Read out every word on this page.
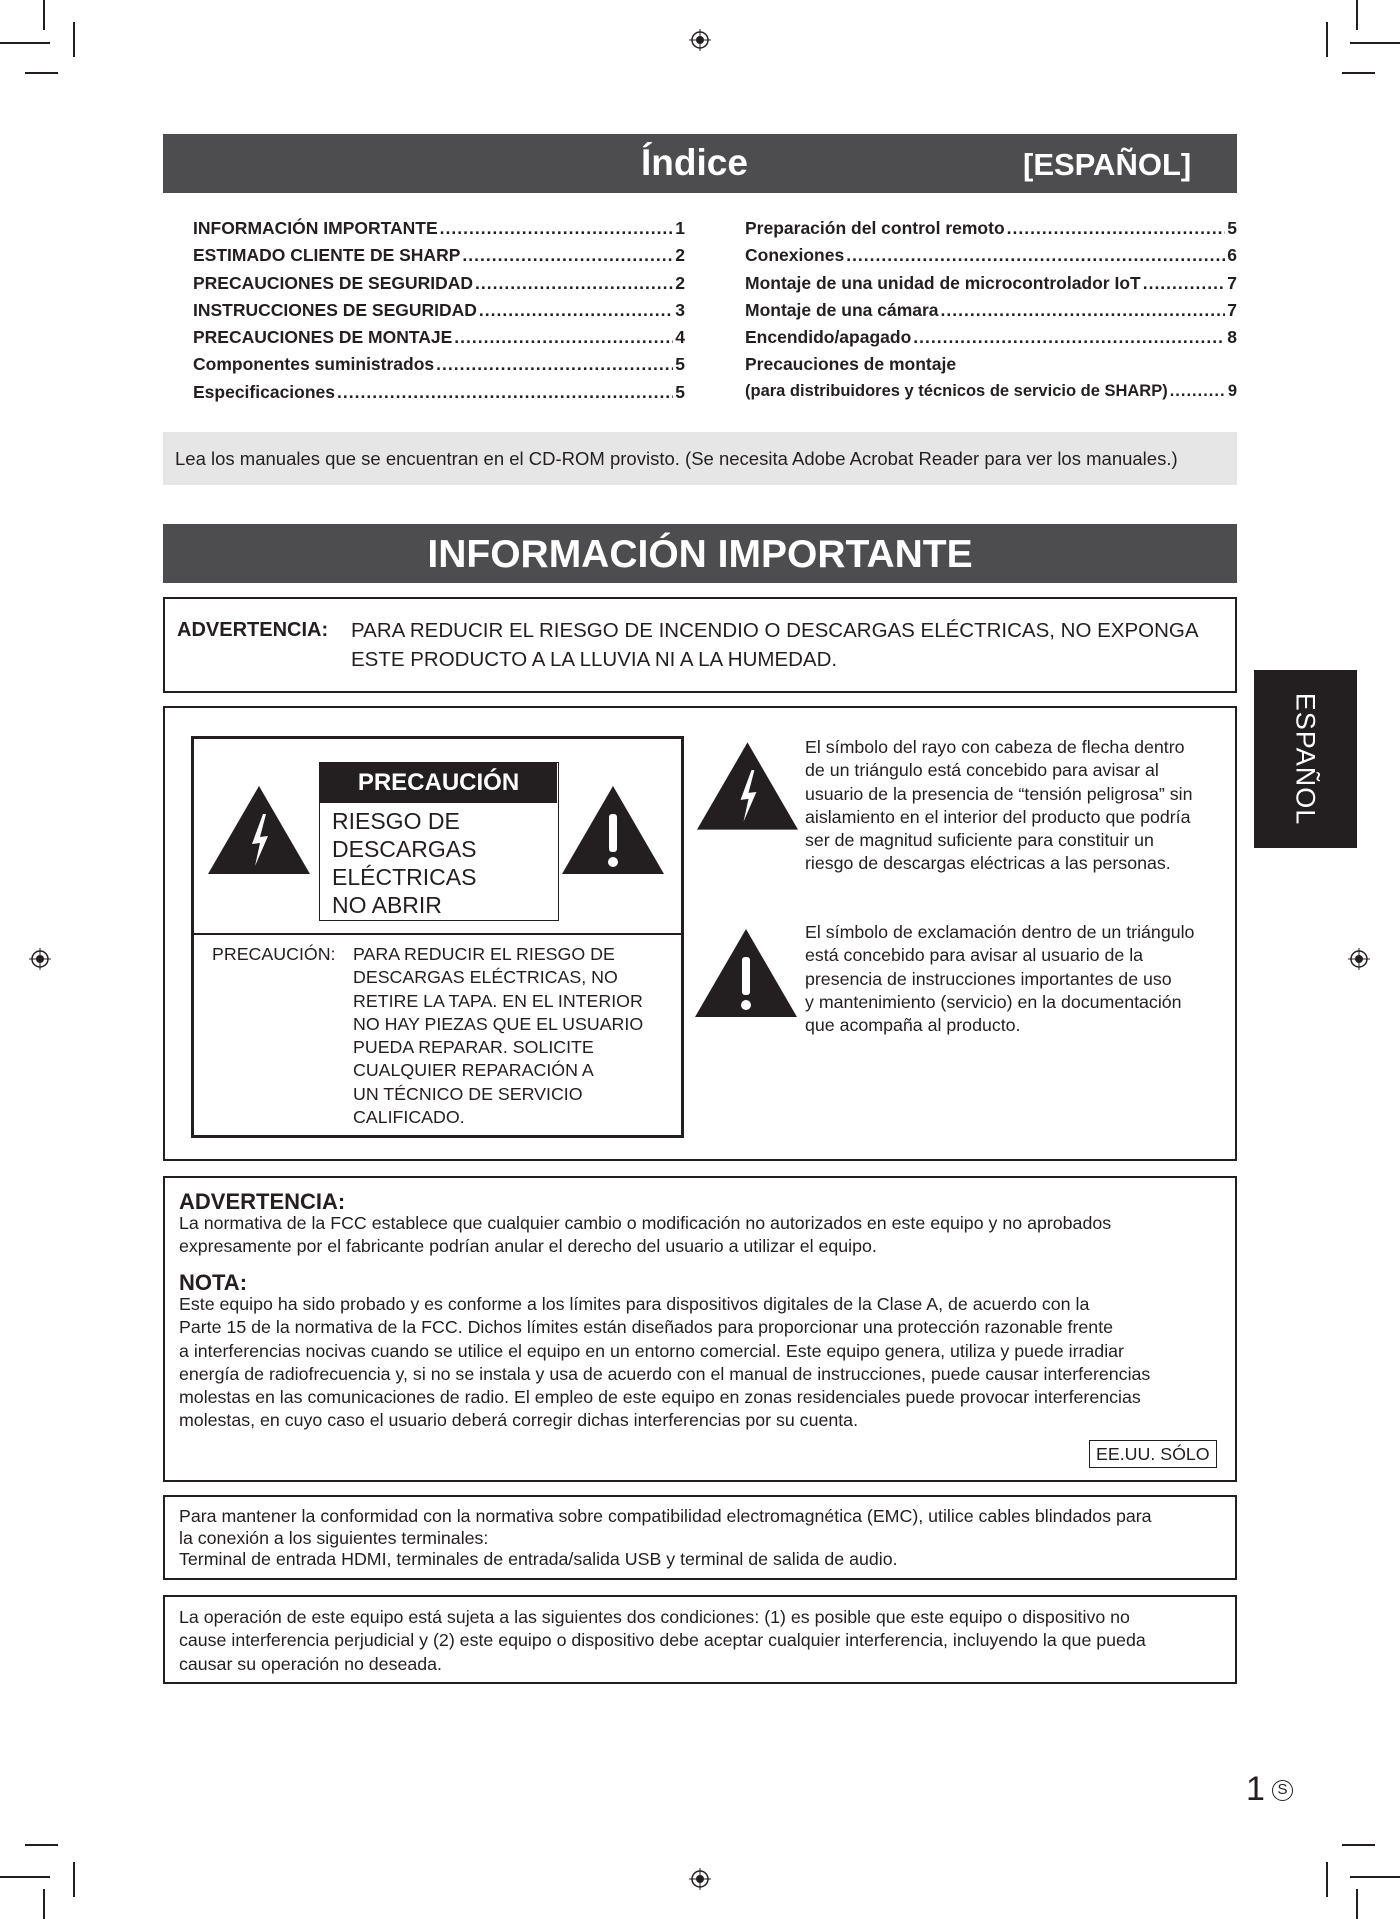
Índice	[ESPAÑOL]
INFORMACIÓN IMPORTANTE .....	1
ESTIMADO CLIENTE DE SHARP .....	2
PRECAUCIONES DE SEGURIDAD .....	2
INSTRUCCIONES DE SEGURIDAD .....	3
PRECAUCIONES DE MONTAJE .....	4
Componentes suministrados .....	5
Especificaciones .....	5
Preparación del control remoto .....	5
Conexiones .....	6
Montaje de una unidad de microcontrolador IoT .....	7
Montaje de una cámara .....	7
Encendido/apagado .....	8
Precauciones de montaje
(para distribuidores y técnicos de servicio de SHARP) .....	9
Lea los manuales que se encuentran en el CD-ROM provisto. (Se necesita Adobe Acrobat Reader para ver los manuales.)
INFORMACIÓN IMPORTANTE
ADVERTENCIA: PARA REDUCIR EL RIESGO DE INCENDIO O DESCARGAS ELÉCTRICAS, NO EXPONGA
ESTE PRODUCTO A LA LLUVIA NI A LA HUMEDAD.
PRECAUCIÓN
RIESGO DE
DESCARGAS
ELÉCTRICAS
NO ABRIR
PRECAUCIÓN: PARA REDUCIR EL RIESGO DE
DESCARGAS ELÉCTRICAS, NO
RETIRE LA TAPA. EN EL INTERIOR
NO HAY PIEZAS QUE EL USUARIO
PUEDA REPARAR. SOLICITE
CUALQUIER REPARACIÓN A
UN TÉCNICO DE SERVICIO
CALIFICADO.
El símbolo del rayo con cabeza de flecha dentro
de un triángulo está concebido para avisar al
usuario de la presencia de “tensión peligrosa” sin
aislamiento en el interior del producto que podría
ser de magnitud suficiente para constituir un
riesgo de descargas eléctricas a las personas.
El símbolo de exclamación dentro de un triángulo
está concebido para avisar al usuario de la
presencia de instrucciones importantes de uso
y mantenimiento (servicio) en la documentación
que acompaña al producto.
ESPAÑOL
ADVERTENCIA:
La normativa de la FCC establece que cualquier cambio o modificación no autorizados en este equipo y no aprobados
expresamente por el fabricante podrían anular el derecho del usuario a utilizar el equipo.
NOTA:
Este equipo ha sido probado y es conforme a los límites para dispositivos digitales de la Clase A, de acuerdo con la
Parte 15 de la normativa de la FCC. Dichos límites están diseñados para proporcionar una protección razonable frente
a interferencias nocivas cuando se utilice el equipo en un entorno comercial. Este equipo genera, utiliza y puede irradiar
energía de radiofrecuencia y, si no se instala y usa de acuerdo con el manual de instrucciones, puede causar interferencias
molestas en las comunicaciones de radio. El empleo de este equipo en zonas residenciales puede provocar interferencias
molestas, en cuyo caso el usuario deberá corregir dichas interferencias por su cuenta.
EE.UU. SÓLO
Para mantener la conformidad con la normativa sobre compatibilidad electromagnética (EMC), utilice cables blindados para
la conexión a los siguientes terminales:
Terminal de entrada HDMI, terminales de entrada/salida USB y terminal de salida de audio.
La operación de este equipo está sujeta a las siguientes dos condiciones: (1) es posible que este equipo o dispositivo no
cause interferencia perjudicial y (2) este equipo o dispositivo debe aceptar cualquier interferencia, incluyendo la que pueda
causar su operación no deseada.
1 S
